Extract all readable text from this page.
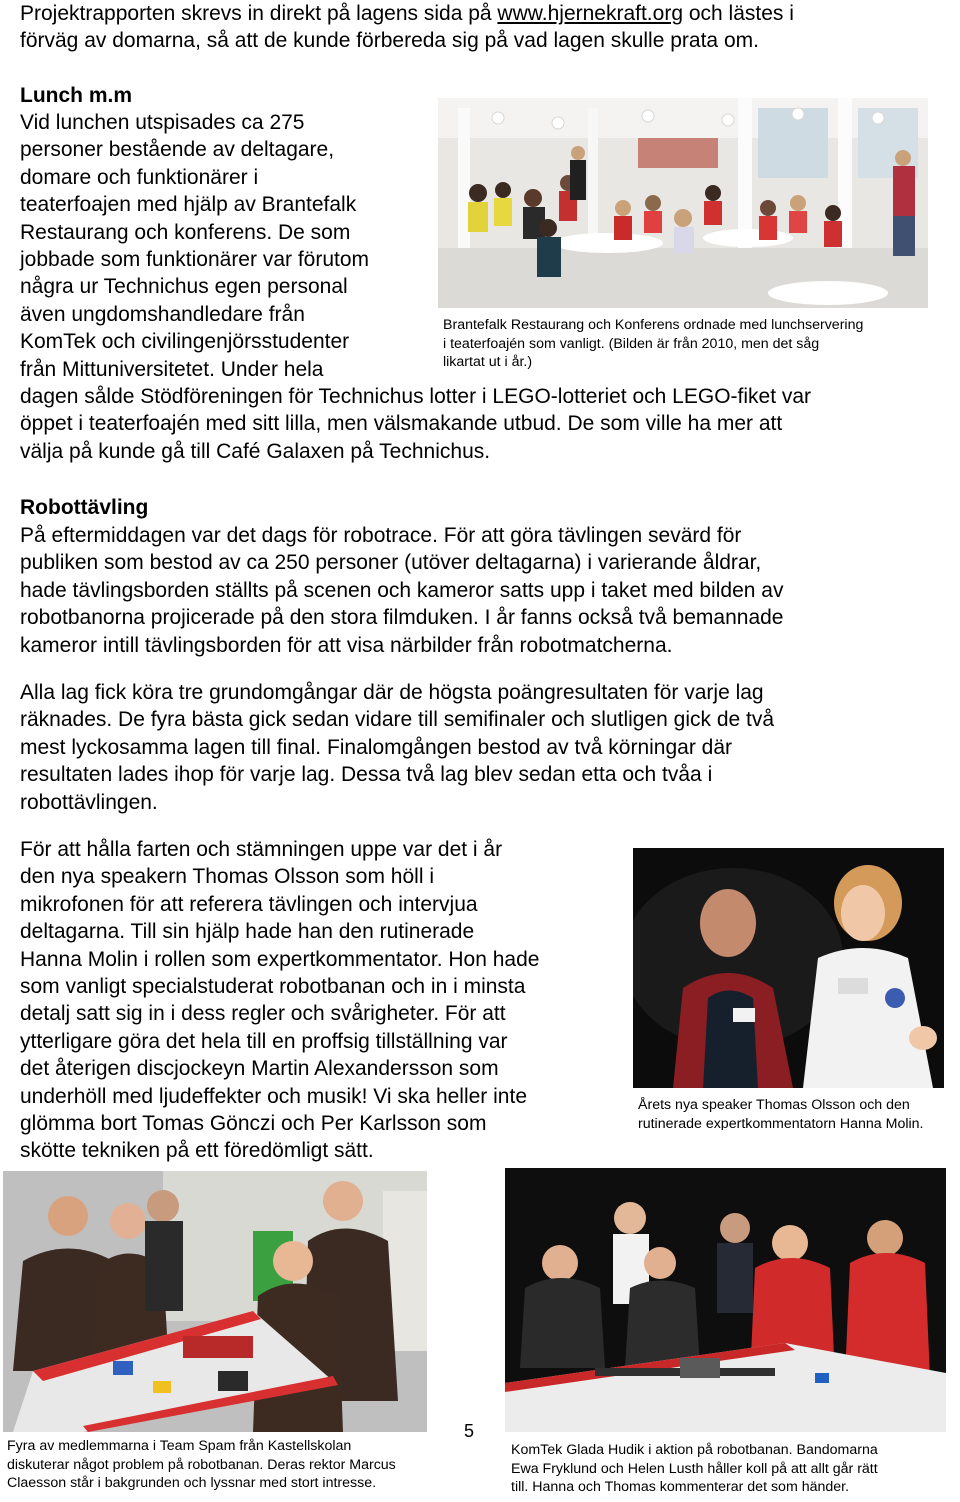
Projektrapporten skrevs in direkt på lagens sida på www.hjernekraft.org och lästes i
förväg av domarna, så att de kunde förbereda sig på vad lagen skulle prata om.
Lunch m.m
Vid lunchen utspisades ca 275
personer bestående av deltagare,
domare och funktionärer i
teaterfoajen med hjälp av Brantefalk
Restaurang och konferens. De som
jobbade som funktionärer var förutom
några ur Technichus egen personal
även ungdomshandledare från
KomTek och civilingenjörsstudenter
från Mittuniversitetet. Under hela
dagen sålde Stödföreningen för Technichus lotter i LEGO-lotteriet och LEGO-fiket var
öppet i teaterfoajén med sitt lilla, men välsmakande utbud. De som ville ha mer att
välja på kunde gå till Café Galaxen på Technichus.
Brantefalk Restaurang och Konferens ordnade med lunchservering
i teaterfoajén som vanligt. (Bilden är från 2010, men det såg
likartat ut i år.)
Robottävling
På eftermiddagen var det dags för robotrace. För att göra tävlingen sevärd för
publiken som bestod av ca 250 personer (utöver deltagarna) i varierande åldrar,
hade tävlingsborden ställts på scenen och kameror satts upp i taket med bilden av
robotbanorna projicerade på den stora filmduken. I år fanns också två bemannade
kameror intill tävlingsborden för att visa närbilder från robotmatcherna.
Alla lag fick köra tre grundomgångar där de högsta poängresultaten för varje lag
räknades. De fyra bästa gick sedan vidare till semifinaler och slutligen gick de två
mest lyckosamma lagen till final. Finalomgången bestod av två körningar där
resultaten lades ihop för varje lag. Dessa två lag blev sedan etta och tvåa i
robottävlingen.
För att hålla farten och stämningen uppe var det i år
den nya speakern Thomas Olsson som höll i
mikrofonen för att referera tävlingen och intervjua
deltagarna. Till sin hjälp hade han den rutinerade
Hanna Molin i rollen som expertkommentator. Hon hade
som vanligt specialstuderat robotbanan och in i minsta
detalj satt sig in i dess regler och svårigheter. För att
ytterligare göra det hela till en proffsig tillställning var
det återigen discjockeyn Martin Alexandersson som
underhöll med ljudeffekter och musik! Vi ska heller inte
glömma bort Tomas Gönczi och Per Karlsson som
skötte tekniken på ett föredömligt sätt.
Årets nya speaker Thomas Olsson och den
rutinerade expertkommentatorn Hanna Molin.
Fyra av medlemmarna i Team Spam från Kastellskolan
diskuterar något problem på robotbanan. Deras rektor Marcus
Claesson står i bakgrunden och lyssnar med stort intresse.
5
KomTek Glada Hudik i aktion på robotbanan. Bandomarna
Ewa Fryklund och Helen Lusth håller koll på att allt går rätt
till. Hanna och Thomas kommenterar det som händer.
